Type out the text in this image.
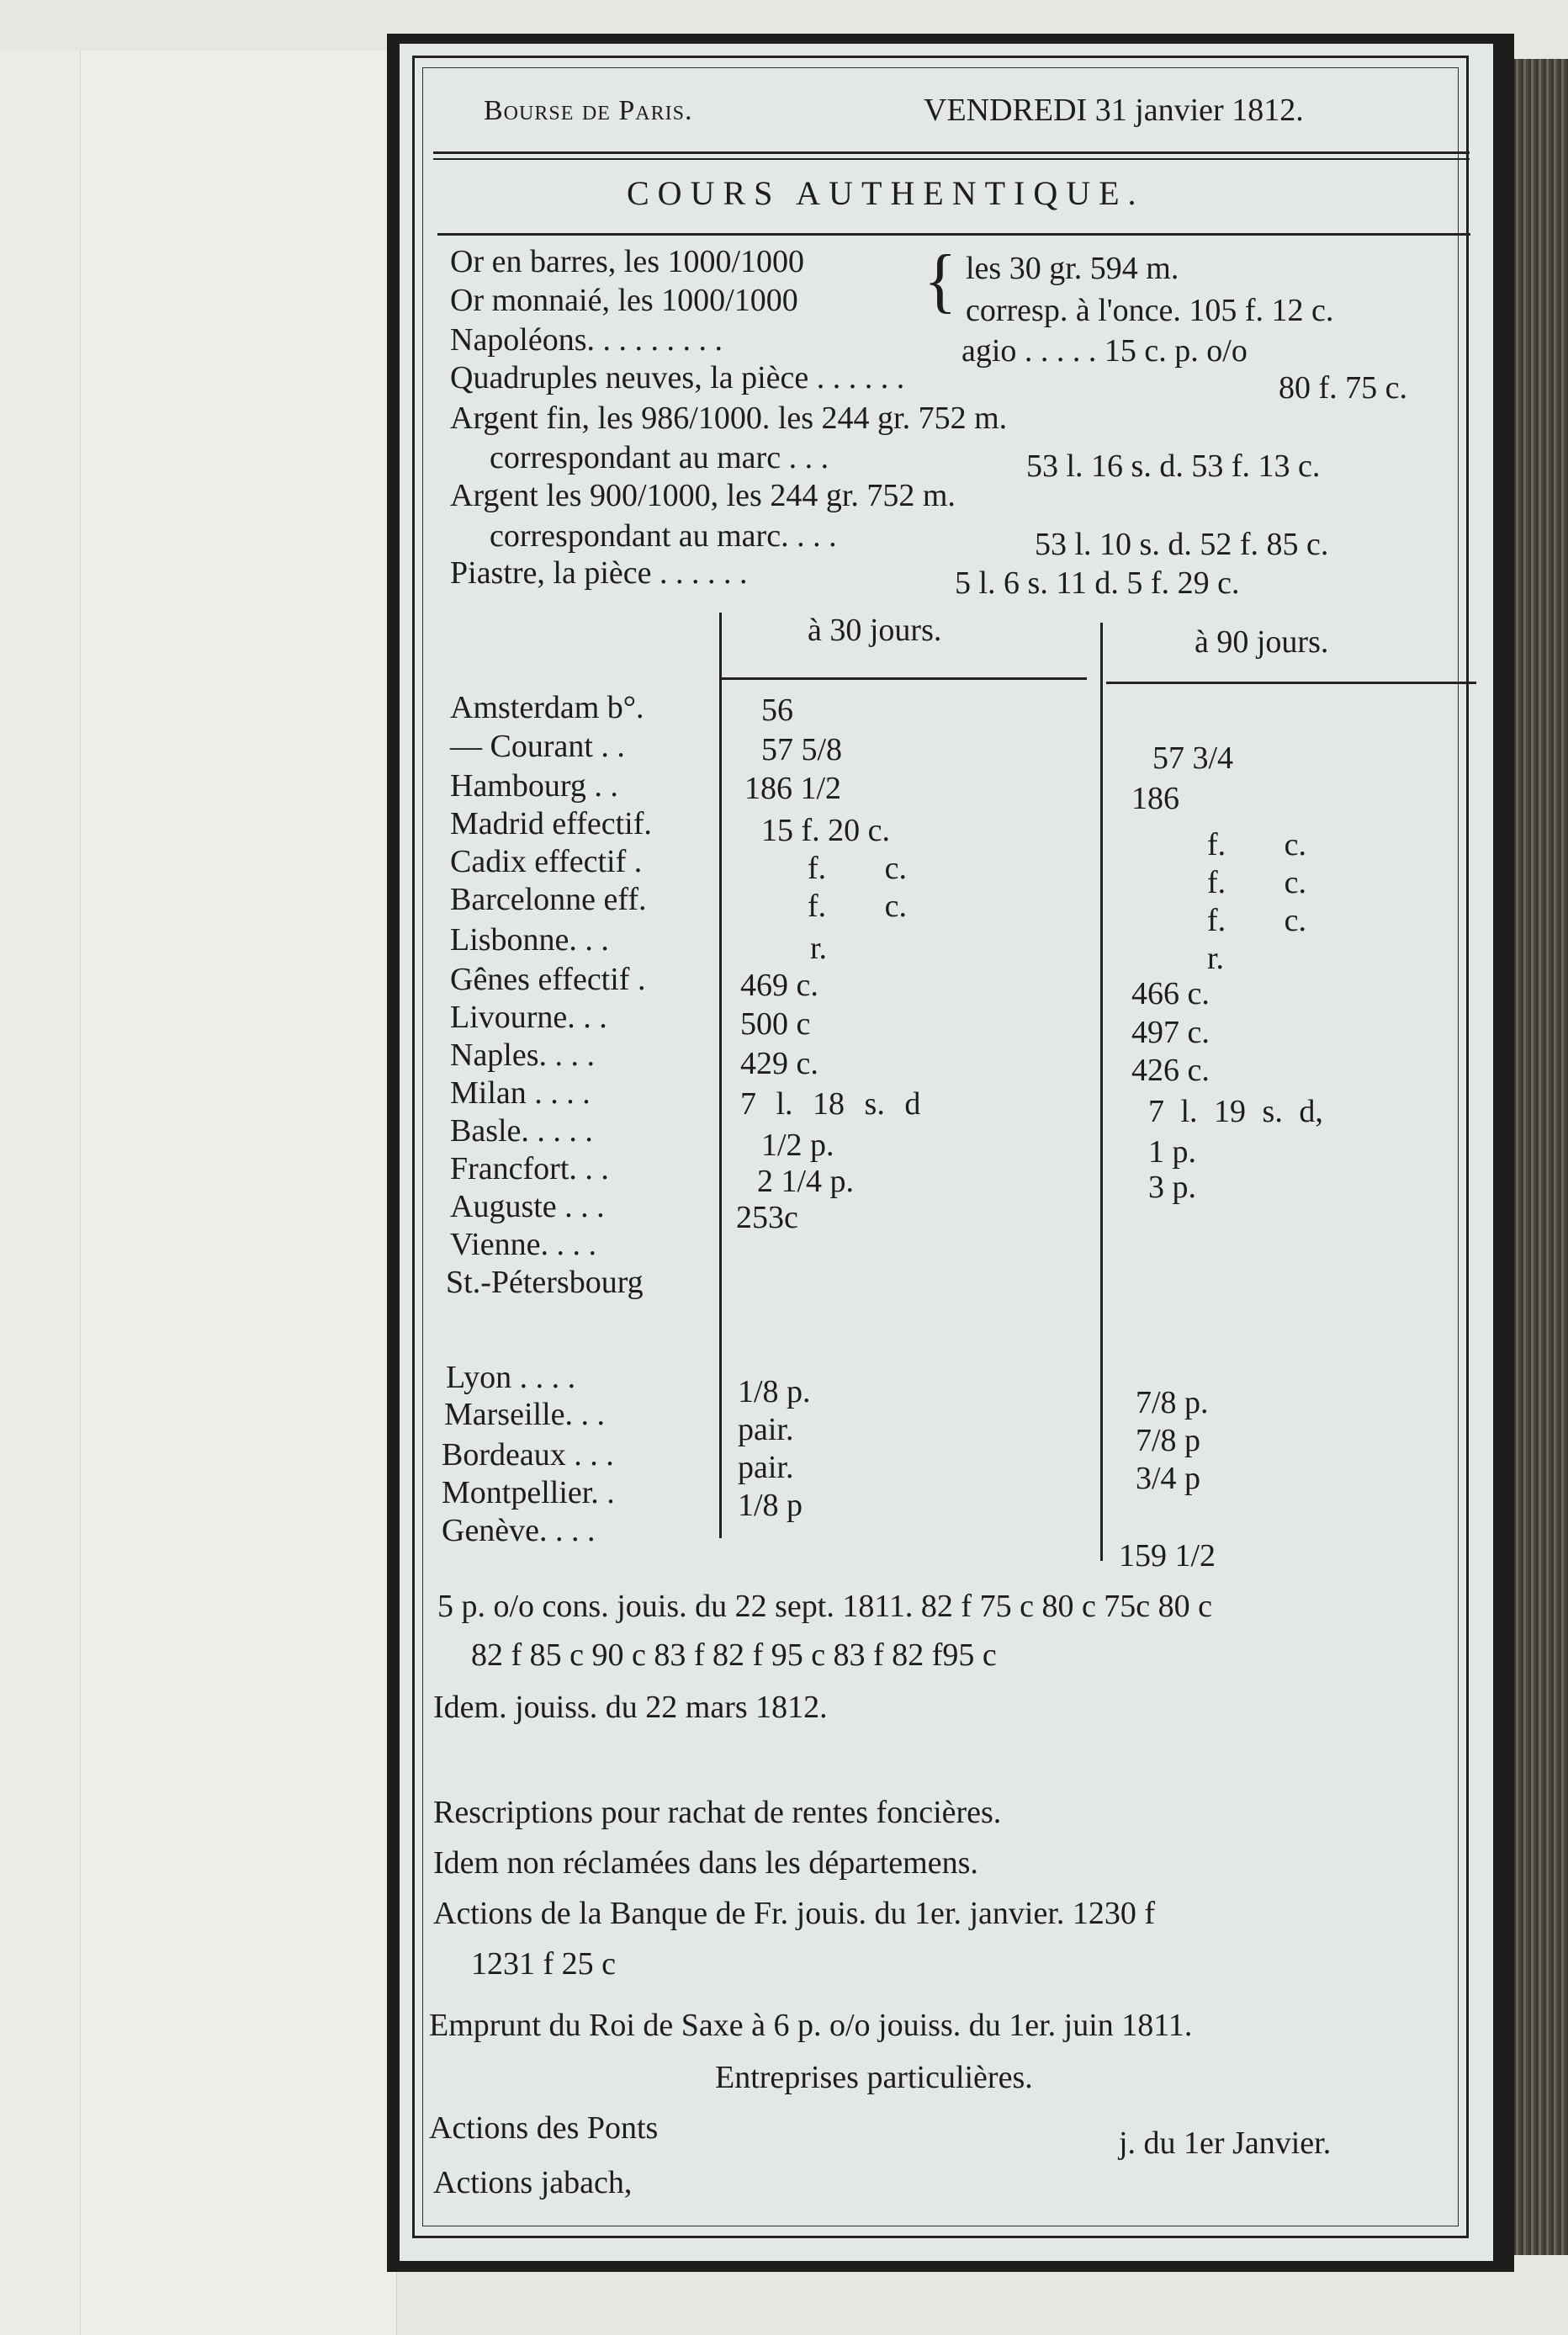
Bourse de Paris.	VENDREDI 31 janvier 1812.
COURS AUTHENTIQUE.
Or en barres, les 1000/1000	les 30 gr. 594 m.
Or monnaié, les 1000/1000	corresp. à l'once. 105 f. 12 c.
{
Napoléons. . . . . . . . .	agio . . . . . 15 c. p. o/o
Quadruples neuves, la pièce . . . . . .	80 f. 75 c.
Argent fin, les 986/1000. les 244 gr. 752 m.
correspondant au marc . . .	53 l. 16 s. d. 53 f. 13 c.
Argent les 900/1000, les 244 gr. 752 m.
correspondant au marc. . . .	53 l. 10 s. d. 52 f. 85 c.
Piastre, la pièce . . . . . .	5 l. 6 s. 11 d. 5 f. 29 c.
à 30 jours.	à 90 jours.
Amsterdam b°.	56
— Courant . .	57 5/8	57 3/4
Hambourg . .	186 1/2	186
Madrid effectif.	15 f. 20 c.	f. c.
Cadix effectif .	f. c.	f. c.
Barcelonne eff.	f. c.	f. c.
Lisbonne. . .	r.	r.
Gênes effectif .	469 c.	466 c.
Livourne. . .	500 c	497 c.
Naples. . . .	429 c.	426 c.
Milan . . . .	7 l. 18 s. d	7 l. 19 s. d,
Basle. . . . .	1/2 p.	1 p.
Francfort. . .	2 1/4 p.	3 p.
Auguste . . .	253c
Vienne. . . .
St.-Pétersbourg
Lyon . . . .	1/8 p.	7/8 p.
Marseille. . .	pair.	7/8 p
Bordeaux . . .	pair.	3/4 p
Montpellier. .	1/8 p
Genève. . . .
159 1/2
5 p. o/o cons. jouis. du 22 sept. 1811. 82 f 75 c 80 c 75c 80 c
82 f 85 c 90 c 83 f 82 f 95 c 83 f 82 f95 c
Idem. jouiss. du 22 mars 1812.
Rescriptions pour rachat de rentes foncières.
Idem non réclamées dans les départemens.
Actions de la Banque de Fr. jouis. du 1er. janvier. 1230 f
1231 f 25 c
Emprunt du Roi de Saxe à 6 p. o/o jouiss. du 1er. juin 1811.
Entreprises particulières.
Actions des Ponts	j. du 1er Janvier.
Actions jabach,
